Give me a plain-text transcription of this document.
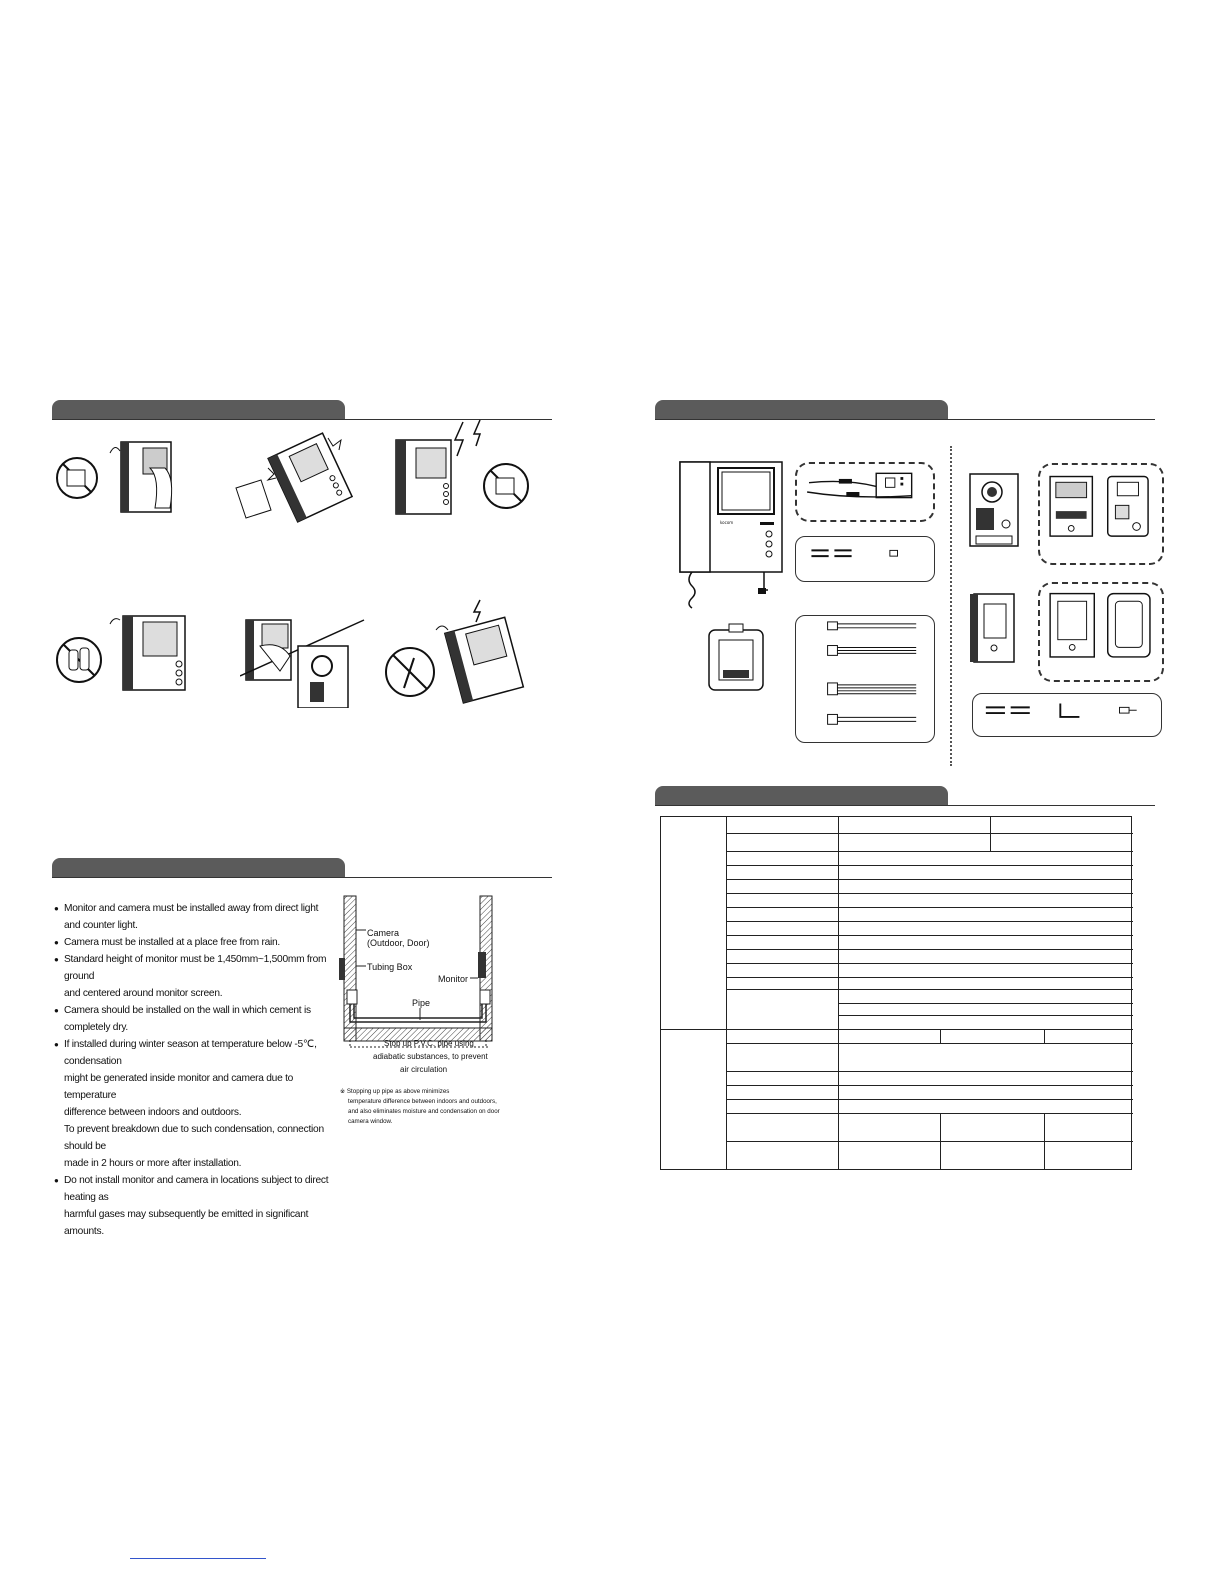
● Monitor and camera must be installed away from direct light
and counter light.
● Camera must be installed at a place free from rain.
● Standard height of monitor must be 1,450mm~1,500mm from ground
and centered around monitor screen.
● Camera should be installed on the wall in which cement is completely dry.
● If installed during winter season at temperature below -5℃, condensation
might be generated inside monitor and camera due to temperature
difference between indoors and outdoors.
To prevent breakdown due to such condensation, connection should be
made in 2 hours or more after installation.
● Do not install monitor and camera in locations subject to direct heating as
harmful gases may subsequently be emitted in significant amounts.
Camera
(Outdoor, Door)
Tubing Box
Monitor
Pipe
Stop up P.V.C. pipe using
adiabatic substances, to prevent
air circulation
※ Stopping up pipe as above minimizes
temperature difference between indoors and outdoors,
and also eliminates moisture and condensation on door
camera window.
kocom
